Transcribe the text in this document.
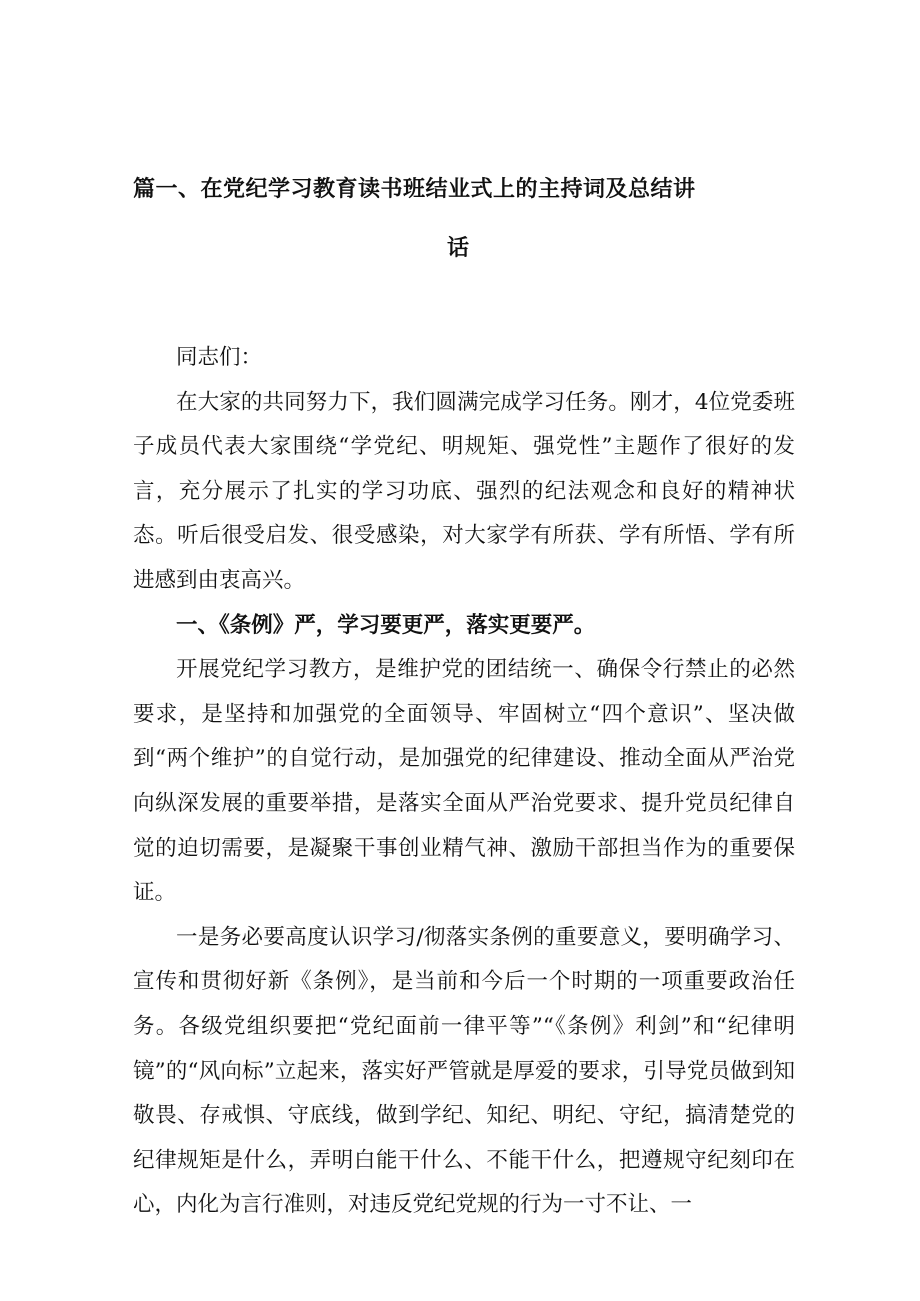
篇一、在党纪学习教育读书班结业式上的主持词及总结讲
话

同志们：

在大家的共同努力下，我们圆满完成学习任务。刚才，4位党委班子成员代表大家围绕“学党纪、明规矩、强党性”主题作了很好的发言，充分展示了扎实的学习功底、强烈的纪法观念和良好的精神状态。听后很受启发、很受感染，对大家学有所获、学有所悟、学有所进感到由衷高兴。

一、《条例》严，学习要更严，落实更要严。

开展党纪学习教方，是维护党的团结统一、确保令行禁止的必然要求，是坚持和加强党的全面领导、牢固树立“四个意识”、坚决做到“两个维护”的自觉行动，是加强党的纪律建设、推动全面从严治党向纵深发展的重要举措，是落实全面从严治党要求、提升党员纪律自觉的迫切需要，是凝聚干事创业精气神、激励干部担当作为的重要保证。

一是务必要高度认识学习/彻落实条例的重要意义，要明确学习、宣传和贯彻好新《条例》，是当前和今后一个时期的一项重要政治任务。各级党组织要把“党纪面前一律平等”“《条例》利剑”和“纪律明镜”的“风向标”立起来，落实好严管就是厚爱的要求，引导党员做到知敬畏、存戒惧、守底线，做到学纪、知纪、明纪、守纪，搞清楚党的纪律规矩是什么，弄明白能干什么、不能干什么，把遵规守纪刻印在心，内化为言行准则，对违反党纪党规的行为一寸不让、一
